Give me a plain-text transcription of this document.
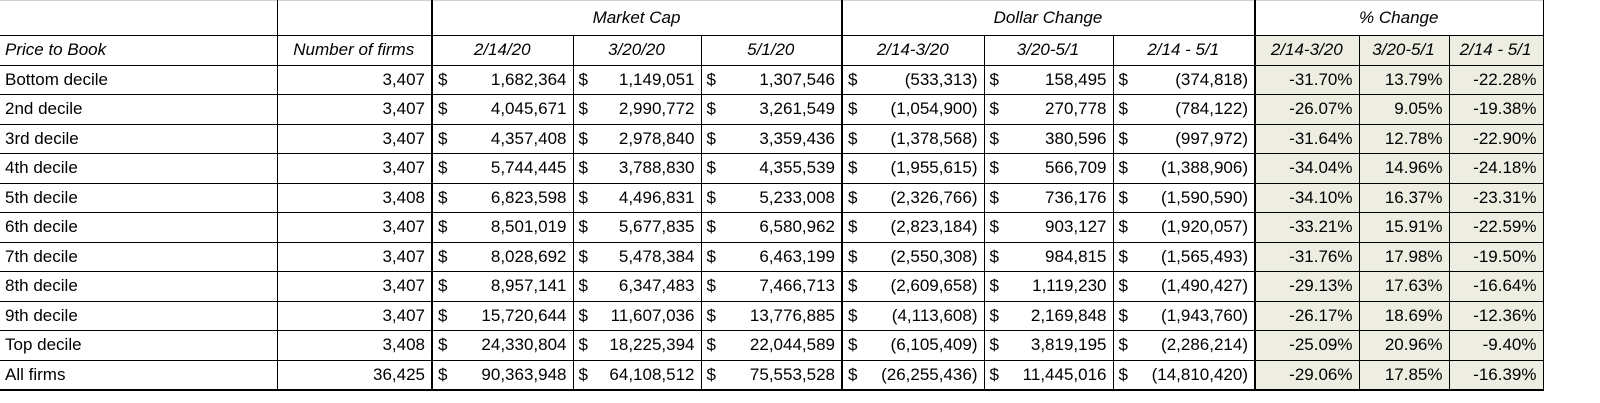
		Market Cap			Dollar Change			% Change		
Price to Book	Number of firms	2/14/20	3/20/20	5/1/20	2/14-3/20	3/20-5/1	2/14 - 5/1	2/14-3/20	3/20-5/1	2/14 - 5/1
Bottom decile	3,407	$ 1,682,364	$ 1,149,051	$ 1,307,546	$ (533,313)	$ 158,495	$ (374,818)	-31.70%	13.79%	-22.28%
2nd decile	3,407	$ 4,045,671	$ 2,990,772	$ 3,261,549	$ (1,054,900)	$ 270,778	$ (784,122)	-26.07%	9.05%	-19.38%
3rd decile	3,407	$ 4,357,408	$ 2,978,840	$ 3,359,436	$ (1,378,568)	$ 380,596	$ (997,972)	-31.64%	12.78%	-22.90%
4th decile	3,407	$ 5,744,445	$ 3,788,830	$ 4,355,539	$ (1,955,615)	$ 566,709	$ (1,388,906)	-34.04%	14.96%	-24.18%
5th decile	3,408	$ 6,823,598	$ 4,496,831	$ 5,233,008	$ (2,326,766)	$ 736,176	$ (1,590,590)	-34.10%	16.37%	-23.31%
6th decile	3,407	$ 8,501,019	$ 5,677,835	$ 6,580,962	$ (2,823,184)	$ 903,127	$ (1,920,057)	-33.21%	15.91%	-22.59%
7th decile	3,407	$ 8,028,692	$ 5,478,384	$ 6,463,199	$ (2,550,308)	$ 984,815	$ (1,565,493)	-31.76%	17.98%	-19.50%
8th decile	3,407	$ 8,957,141	$ 6,347,483	$ 7,466,713	$ (2,609,658)	$ 1,119,230	$ (1,490,427)	-29.13%	17.63%	-16.64%
9th decile	3,407	$ 15,720,644	$ 11,607,036	$ 13,776,885	$ (4,113,608)	$ 2,169,848	$ (1,943,760)	-26.17%	18.69%	-12.36%
Top decile	3,408	$ 24,330,804	$ 18,225,394	$ 22,044,589	$ (6,105,409)	$ 3,819,195	$ (2,286,214)	-25.09%	20.96%	-9.40%
All firms	36,425	$ 90,363,948	$ 64,108,512	$ 75,553,528	$ (26,255,436)	$ 11,445,016	$ (14,810,420)	-29.06%	17.85%	-16.39%
